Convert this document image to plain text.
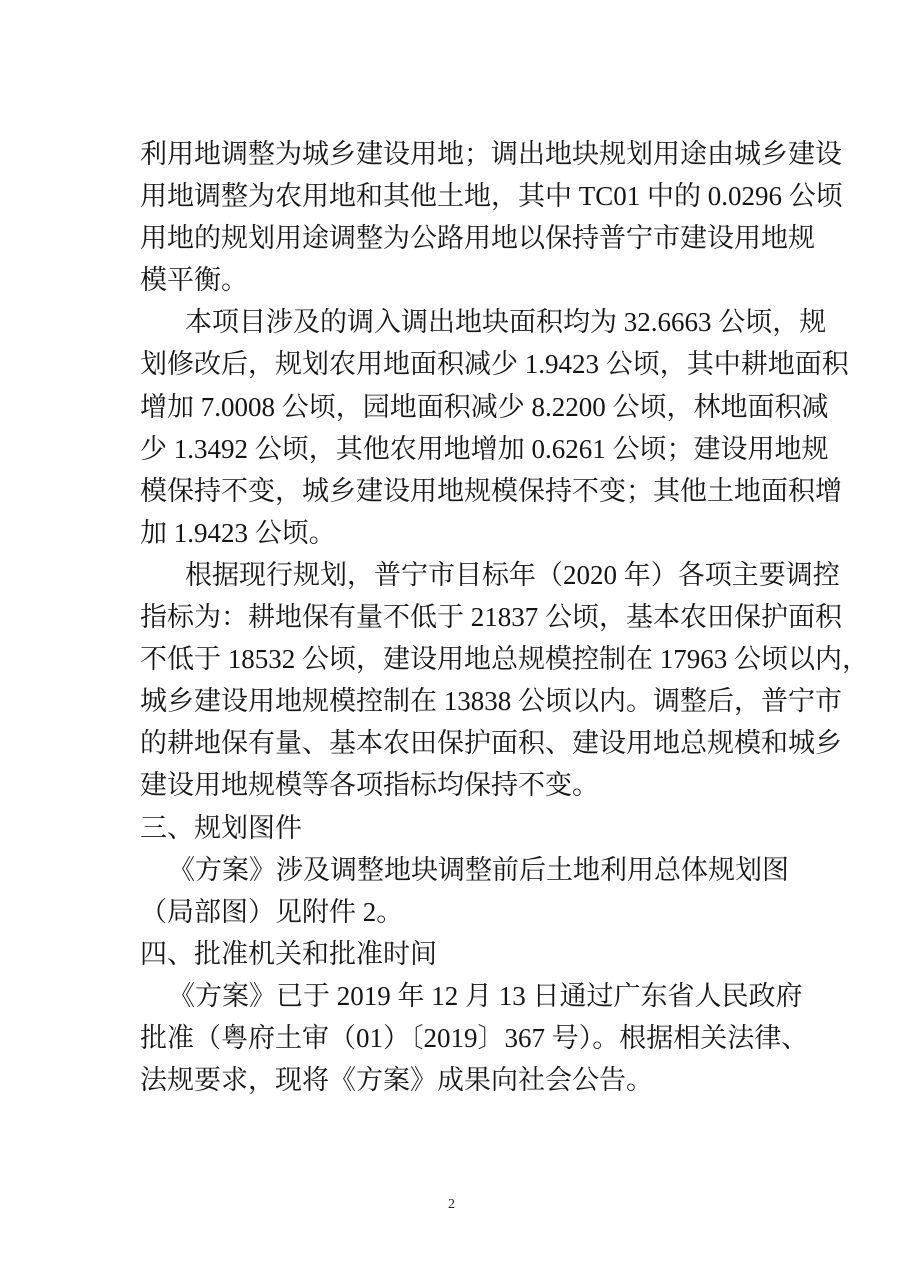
利用地调整为城乡建设用地；调出地块规划用途由城乡建设
用地调整为农用地和其他土地，其中 TC01 中的 0.0296 公顷
用地的规划用途调整为公路用地以保持普宁市建设用地规
模平衡。
本项目涉及的调入调出地块面积均为 32.6663 公顷，规
划修改后，规划农用地面积减少 1.9423 公顷，其中耕地面积
增加 7.0008 公顷，园地面积减少 8.2200 公顷，林地面积减
少 1.3492 公顷，其他农用地增加 0.6261 公顷；建设用地规
模保持不变，城乡建设用地规模保持不变；其他土地面积增
加 1.9423 公顷。
根据现行规划，普宁市目标年（2020 年）各项主要调控
指标为：耕地保有量不低于 21837 公顷，基本农田保护面积
不低于 18532 公顷，建设用地总规模控制在 17963 公顷以内，
城乡建设用地规模控制在 13838 公顷以内。调整后，普宁市
的耕地保有量、基本农田保护面积、建设用地总规模和城乡
建设用地规模等各项指标均保持不变。
三、规划图件
《方案》涉及调整地块调整前后土地利用总体规划图
（局部图）见附件 2。
四、批准机关和批准时间
《方案》已于 2019 年 12 月 13 日通过广东省人民政府
批准（粤府土审（01）〔2019〕367 号）。根据相关法律、
法规要求，现将《方案》成果向社会公告。
2
